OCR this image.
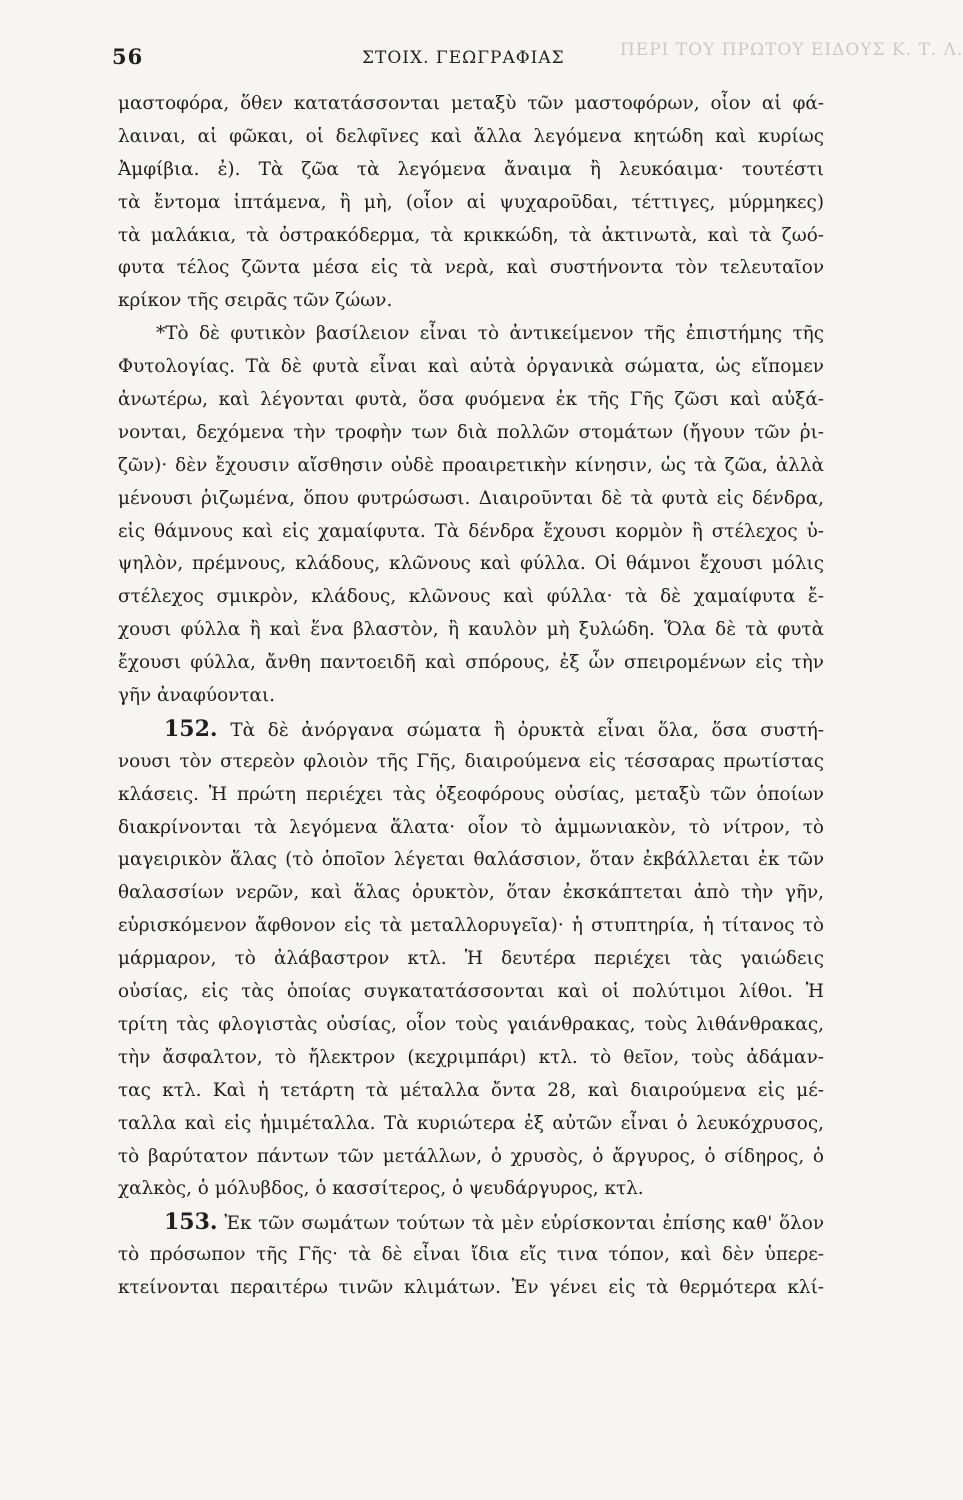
ΠΕΡΙ ΤΟΥ ΠΡΩΤΟΥ ΕΙΔΟΥΣ Κ. Τ. Λ.
56	ΣΤΟΙΧ. ΓΕΩΓΡΑΦΙΑΣ
μαστοφόρα, ὅθεν κατατάσσονται μεταξὺ τῶν μαστοφόρων, οἷον αἱ φά-
λαιναι, αἱ φῶκαι, οἱ δελφῖνες καὶ ἄλλα λεγόμενα κητώδη καὶ κυρίως
Ἀμφίβια. ἐ). Τὰ ζῶα τὰ λεγόμενα ἄναιμα ἢ λευκόαιμα· τουτέστι
τὰ ἔντομα ἱπτάμενα, ἢ μὴ, (οἷον αἱ ψυχαροῦδαι, τέττιγες, μύρμηκες)
τὰ μαλάκια, τὰ ὀστρακόδερμα, τὰ κρικκώδη, τὰ ἀκτινωτὰ, καὶ τὰ ζωό-
φυτα τέλος ζῶντα μέσα εἰς τὰ νερὰ, καὶ συστήνοντα τὸν τελευταῖον
κρίκον τῆς σειρᾶς τῶν ζώων.
*Τὸ δὲ φυτικὸν βασίλειον εἶναι τὸ ἀντικείμενον τῆς ἐπιστήμης τῆς
Φυτολογίας. Τὰ δὲ φυτὰ εἶναι καὶ αὐτὰ ὀργανικὰ σώματα, ὡς εἴπομεν
ἀνωτέρω, καὶ λέγονται φυτὰ, ὅσα φυόμενα ἐκ τῆς Γῆς ζῶσι καὶ αὐξά-
νονται, δεχόμενα τὴν τροφὴν των διὰ πολλῶν στομάτων (ἤγουν τῶν ῥι-
ζῶν)· δὲν ἔχουσιν αἴσθησιν οὐδὲ προαιρετικὴν κίνησιν, ὡς τὰ ζῶα, ἀλλὰ
μένουσι ῥιζωμένα, ὅπου φυτρώσωσι. Διαιροῦνται δὲ τὰ φυτὰ εἰς δένδρα,
εἰς θάμνους καὶ εἰς χαμαίφυτα. Τὰ δένδρα ἔχουσι κορμὸν ἢ στέλεχος ὑ-
ψηλὸν, πρέμνους, κλάδους, κλῶνους καὶ φύλλα. Οἱ θάμνοι ἔχουσι μόλις
στέλεχος σμικρὸν, κλάδους, κλῶνους καὶ φύλλα· τὰ δὲ χαμαίφυτα ἔ-
χουσι φύλλα ἢ καὶ ἕνα βλαστὸν, ἢ καυλὸν μὴ ξυλώδη. Ὅλα δὲ τὰ φυτὰ
ἔχουσι φύλλα, ἄνθη παντοειδῆ καὶ σπόρους, ἐξ ὧν σπειρομένων εἰς τὴν
γῆν ἀναφύονται.
152. Τὰ δὲ ἀνόργανα σώματα ἢ ὀρυκτὰ εἶναι ὅλα, ὅσα συστή-
νουσι τὸν στερεὸν φλοιὸν τῆς Γῆς, διαιρούμενα εἰς τέσσαρας πρωτίστας
κλάσεις. Ἡ πρώτη περιέχει τὰς ὀξεοφόρους οὐσίας, μεταξὺ τῶν ὁποίων
διακρίνονται τὰ λεγόμενα ἅλατα· οἷον τὸ ἀμμωνιακὸν, τὸ νίτρον, τὸ
μαγειρικὸν ἅλας (τὸ ὁποῖον λέγεται θαλάσσιον, ὅταν ἐκβάλλεται ἐκ τῶν
θαλασσίων νερῶν, καὶ ἅλας ὀρυκτὸν, ὅταν ἐκσκάπτεται ἀπὸ τὴν γῆν,
εὑρισκόμενον ἄφθονον εἰς τὰ μεταλλορυγεῖα)· ἡ στυπτηρία, ἡ τίτανος τὸ
μάρμαρον, τὸ ἀλάβαστρον κτλ. Ἡ δευτέρα περιέχει τὰς γαιώδεις
οὐσίας, εἰς τὰς ὁποίας συγκατατάσσονται καὶ οἱ πολύτιμοι λίθοι. Ἡ
τρίτη τὰς φλογιστὰς οὐσίας, οἷον τοὺς γαιάνθρακας, τοὺς λιθάνθρακας,
τὴν ἄσφαλτον, τὸ ἤλεκτρον (κεχριμπάρι) κτλ. τὸ θεῖον, τοὺς ἀδάμαν-
τας κτλ. Καὶ ἡ τετάρτη τὰ μέταλλα ὄντα 28, καὶ διαιρούμενα εἰς μέ-
ταλλα καὶ εἰς ἡμιμέταλλα. Τὰ κυριώτερα ἐξ αὐτῶν εἶναι ὁ λευκόχρυσος,
τὸ βαρύτατον πάντων τῶν μετάλλων, ὁ χρυσὸς, ὁ ἄργυρος, ὁ σίδηρος, ὁ
χαλκὸς, ὁ μόλυβδος, ὁ κασσίτερος, ὁ ψευδάργυρος, κτλ.
153. Ἐκ τῶν σωμάτων τούτων τὰ μὲν εὑρίσκονται ἐπίσης καθ' ὅλον
τὸ πρόσωπον τῆς Γῆς· τὰ δὲ εἶναι ἴδια εἴς τινα τόπον, καὶ δὲν ὑπερε-
κτείνονται περαιτέρω τινῶν κλιμάτων. Ἐν γένει εἰς τὰ θερμότερα κλί-
